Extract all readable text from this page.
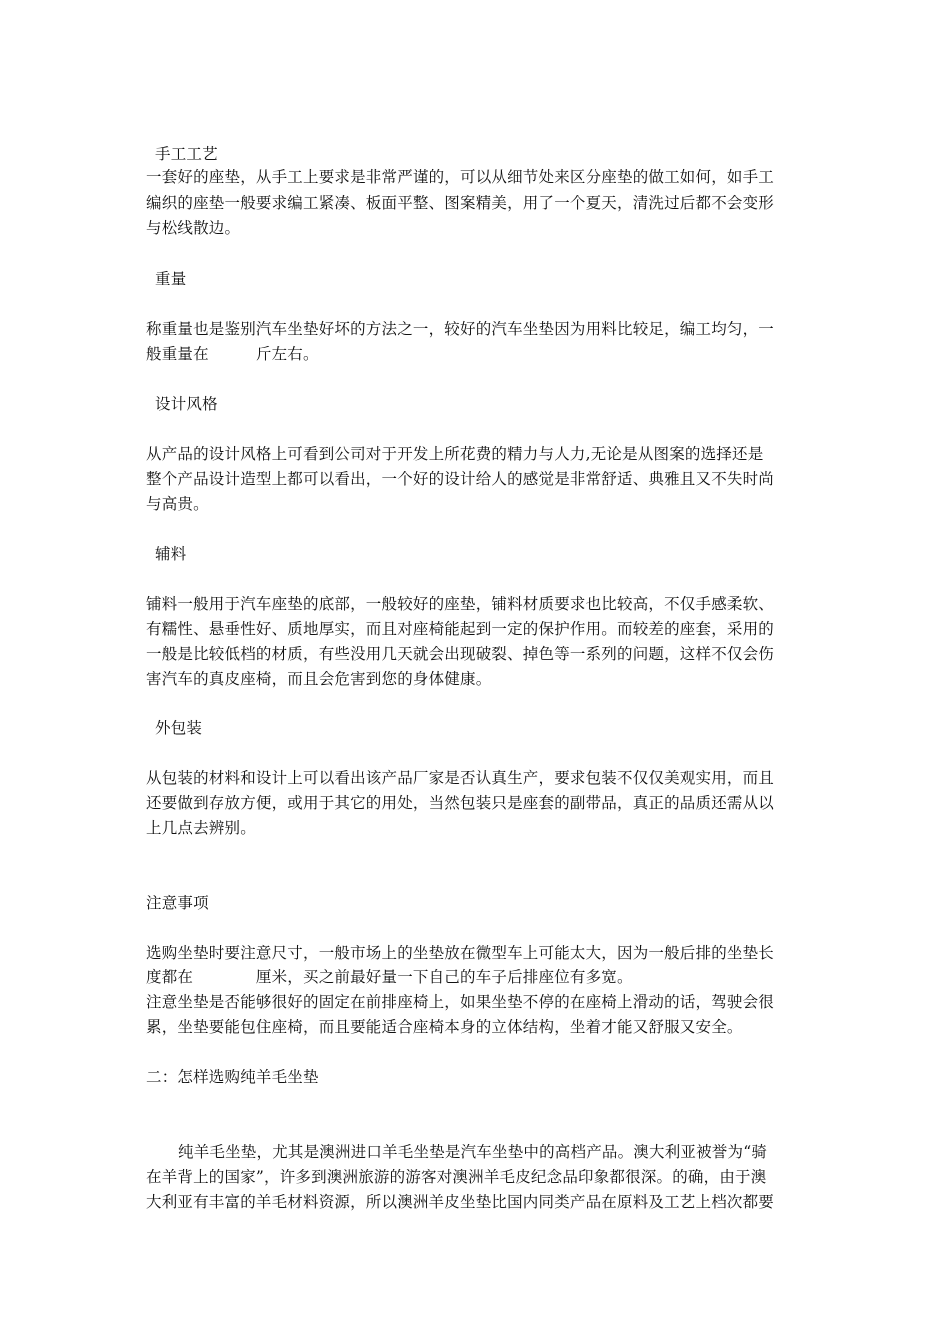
手工工艺
一套好的座垫，从手工上要求是非常严谨的，可以从细节处来区分座垫的做工如何，如手工
编织的座垫一般要求编工紧凑、板面平整、图案精美，用了一个夏天，清洗过后都不会变形
与松线散边。
重量
称重量也是鉴别汽车坐垫好坏的方法之一，较好的汽车坐垫因为用料比较足，编工均匀，一
般重量在　　　斤左右。
设计风格
从产品的设计风格上可看到公司对于开发上所花费的精力与人力,无论是从图案的选择还是
整个产品设计造型上都可以看出，一个好的设计给人的感觉是非常舒适、典雅且又不失时尚
与高贵。
辅料
铺料一般用于汽车座垫的底部，一般较好的座垫，铺料材质要求也比较高，不仅手感柔软、
有糯性、悬垂性好、质地厚实，而且对座椅能起到一定的保护作用。而较差的座套，采用的
一般是比较低档的材质，有些没用几天就会出现破裂、掉色等一系列的问题，这样不仅会伤
害汽车的真皮座椅，而且会危害到您的身体健康。
外包装
从包装的材料和设计上可以看出该产品厂家是否认真生产，要求包装不仅仅美观实用，而且
还要做到存放方便，或用于其它的用处，当然包装只是座套的副带品，真正的品质还需从以
上几点去辨别。
注意事项
选购坐垫时要注意尺寸，一般市场上的坐垫放在微型车上可能太大，因为一般后排的坐垫长
度都在　　　　厘米，买之前最好量一下自己的车子后排座位有多宽。
注意坐垫是否能够很好的固定在前排座椅上，如果坐垫不停的在座椅上滑动的话，驾驶会很
累，坐垫要能包住座椅，而且要能适合座椅本身的立体结构，坐着才能又舒服又安全。
二：怎样选购纯羊毛坐垫
纯羊毛坐垫，尤其是澳洲进口羊毛坐垫是汽车坐垫中的高档产品。澳大利亚被誉为“骑
在羊背上的国家”，许多到澳洲旅游的游客对澳洲羊毛皮纪念品印象都很深。的确，由于澳
大利亚有丰富的羊毛材料资源，所以澳洲羊皮坐垫比国内同类产品在原料及工艺上档次都要
